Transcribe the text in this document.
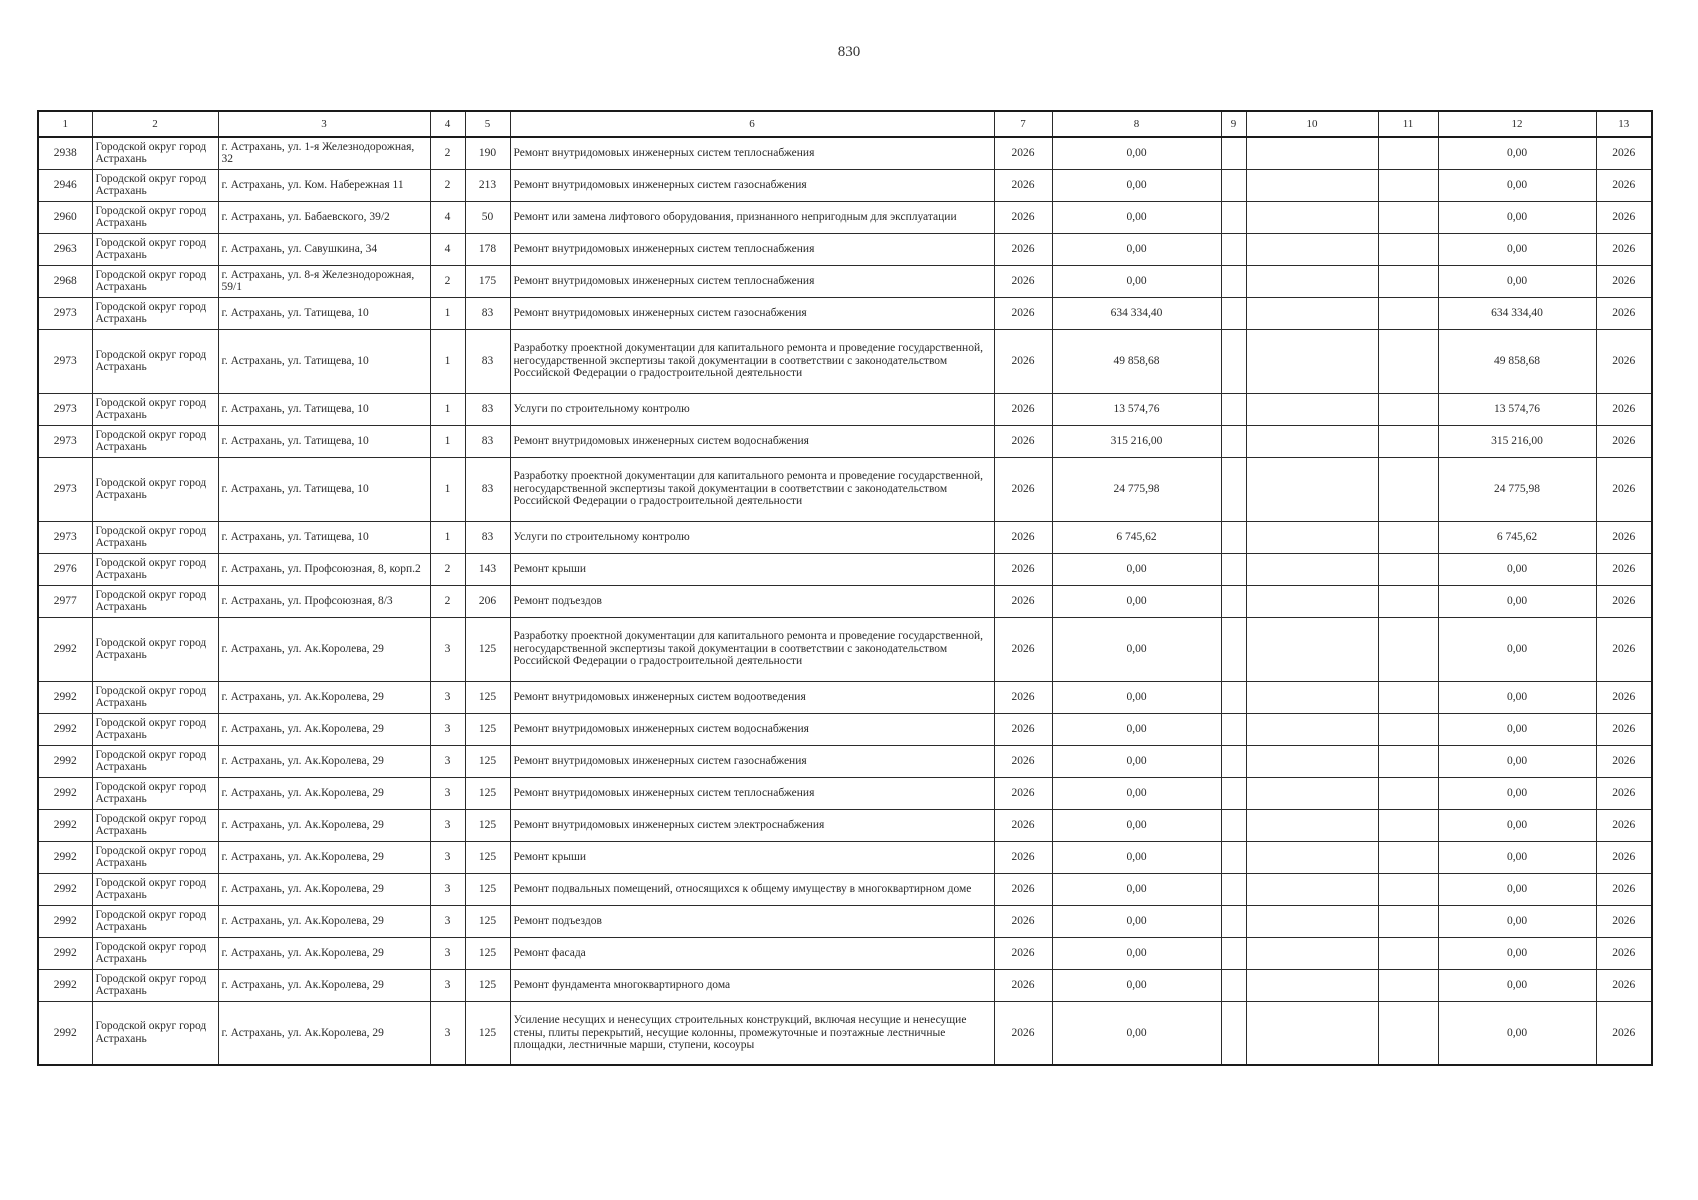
830
1	2	3	4	5	6	7	8	9	10	11	12	13
2938	Городской округ город Астрахань	г. Астрахань, ул. 1-я Железнодорожная, 32	2	190	Ремонт внутридомовых инженерных систем теплоснабжения	2026	0,00				0,00	2026
2946	Городской округ город Астрахань	г. Астрахань, ул. Ком. Набережная 11	2	213	Ремонт внутридомовых инженерных систем газоснабжения	2026	0,00				0,00	2026
2960	Городской округ город Астрахань	г. Астрахань, ул. Бабаевского, 39/2	4	50	Ремонт или замена лифтового оборудования, признанного непригодным для эксплуатации	2026	0,00				0,00	2026
2963	Городской округ город Астрахань	г. Астрахань, ул. Савушкина, 34	4	178	Ремонт внутридомовых инженерных систем теплоснабжения	2026	0,00				0,00	2026
2968	Городской округ город Астрахань	г. Астрахань, ул. 8-я Железнодорожная, 59/1	2	175	Ремонт внутридомовых инженерных систем теплоснабжения	2026	0,00				0,00	2026
2973	Городской округ город Астрахань	г. Астрахань, ул. Татищева, 10	1	83	Ремонт внутридомовых инженерных систем газоснабжения	2026	634 334,40				634 334,40	2026
2973	Городской округ город Астрахань	г. Астрахань, ул. Татищева, 10	1	83	Разработку проектной документации для капитального ремонта и проведение государственной, негосударственной экспертизы такой документации в соответствии с законодательством Российской Федерации о градостроительной деятельности	2026	49 858,68				49 858,68	2026
2973	Городской округ город Астрахань	г. Астрахань, ул. Татищева, 10	1	83	Услуги по строительному контролю	2026	13 574,76				13 574,76	2026
2973	Городской округ город Астрахань	г. Астрахань, ул. Татищева, 10	1	83	Ремонт внутридомовых инженерных систем водоснабжения	2026	315 216,00				315 216,00	2026
2973	Городской округ город Астрахань	г. Астрахань, ул. Татищева, 10	1	83	Разработку проектной документации для капитального ремонта и проведение государственной, негосударственной экспертизы такой документации в соответствии с законодательством Российской Федерации о градостроительной деятельности	2026	24 775,98				24 775,98	2026
2973	Городской округ город Астрахань	г. Астрахань, ул. Татищева, 10	1	83	Услуги по строительному контролю	2026	6 745,62				6 745,62	2026
2976	Городской округ город Астрахань	г. Астрахань, ул. Профсоюзная, 8, корп.2	2	143	Ремонт крыши	2026	0,00				0,00	2026
2977	Городской округ город Астрахань	г. Астрахань, ул. Профсоюзная, 8/3	2	206	Ремонт подъездов	2026	0,00				0,00	2026
2992	Городской округ город Астрахань	г. Астрахань, ул. Ак.Королева, 29	3	125	Разработку проектной документации для капитального ремонта и проведение государственной, негосударственной экспертизы такой документации в соответствии с законодательством Российской Федерации о градостроительной деятельности	2026	0,00				0,00	2026
2992	Городской округ город Астрахань	г. Астрахань, ул. Ак.Королева, 29	3	125	Ремонт внутридомовых инженерных систем водоотведения	2026	0,00				0,00	2026
2992	Городской округ город Астрахань	г. Астрахань, ул. Ак.Королева, 29	3	125	Ремонт внутридомовых инженерных систем водоснабжения	2026	0,00				0,00	2026
2992	Городской округ город Астрахань	г. Астрахань, ул. Ак.Королева, 29	3	125	Ремонт внутридомовых инженерных систем газоснабжения	2026	0,00				0,00	2026
2992	Городской округ город Астрахань	г. Астрахань, ул. Ак.Королева, 29	3	125	Ремонт внутридомовых инженерных систем теплоснабжения	2026	0,00				0,00	2026
2992	Городской округ город Астрахань	г. Астрахань, ул. Ак.Королева, 29	3	125	Ремонт внутридомовых инженерных систем электроснабжения	2026	0,00				0,00	2026
2992	Городской округ город Астрахань	г. Астрахань, ул. Ак.Королева, 29	3	125	Ремонт крыши	2026	0,00				0,00	2026
2992	Городской округ город Астрахань	г. Астрахань, ул. Ак.Королева, 29	3	125	Ремонт подвальных помещений, относящихся к общему имуществу в многоквартирном доме	2026	0,00				0,00	2026
2992	Городской округ город Астрахань	г. Астрахань, ул. Ак.Королева, 29	3	125	Ремонт подъездов	2026	0,00				0,00	2026
2992	Городской округ город Астрахань	г. Астрахань, ул. Ак.Королева, 29	3	125	Ремонт фасада	2026	0,00				0,00	2026
2992	Городской округ город Астрахань	г. Астрахань, ул. Ак.Королева, 29	3	125	Ремонт фундамента многоквартирного дома	2026	0,00				0,00	2026
2992	Городской округ город Астрахань	г. Астрахань, ул. Ак.Королева, 29	3	125	Усиление несущих и ненесущих строительных конструкций, включая несущие и ненесущие стены, плиты перекрытий, несущие колонны, промежуточные и поэтажные лестничные площадки, лестничные марши, ступени, косоуры	2026	0,00				0,00	2026
